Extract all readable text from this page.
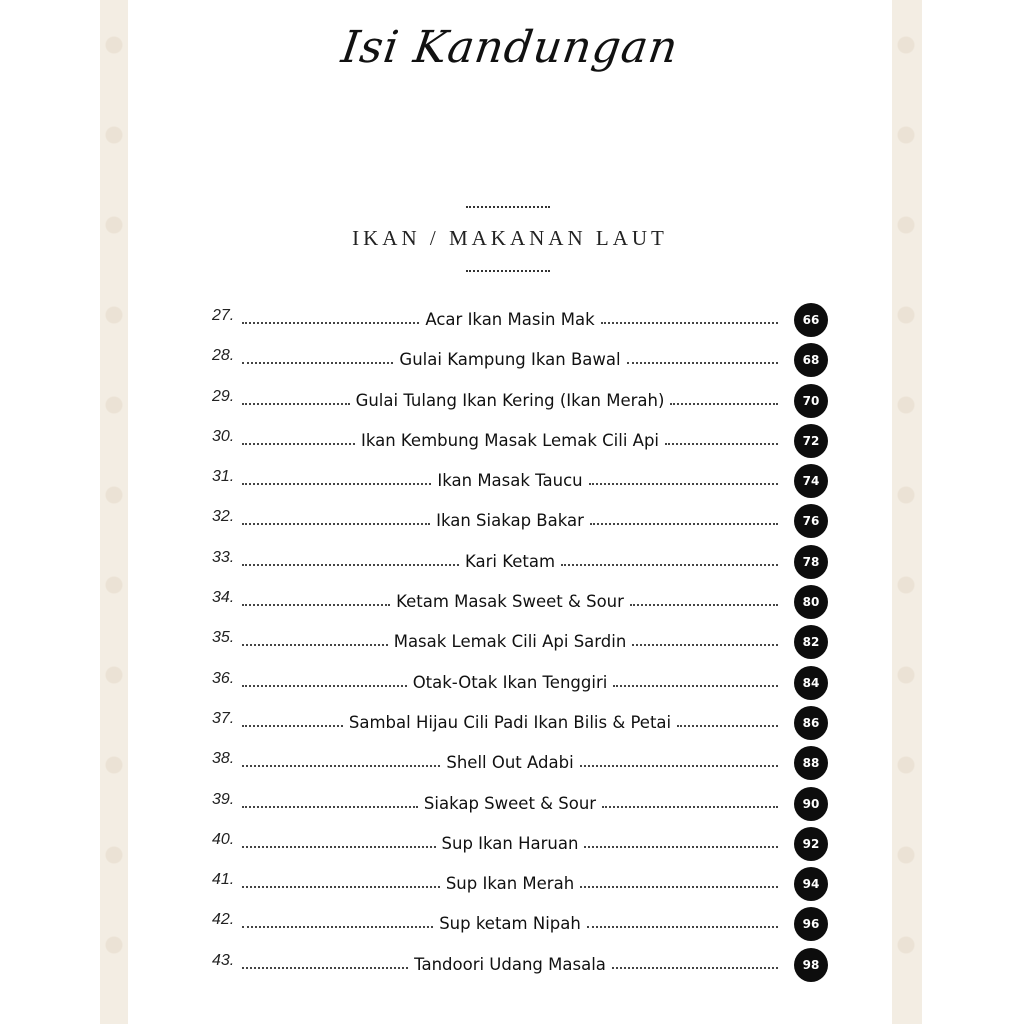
Isi Kandungan
IKAN / MAKANAN LAUT
27.	Acar Ikan Masin Mak	66
28.	Gulai Kampung Ikan Bawal	68
29.	Gulai Tulang Ikan Kering (Ikan Merah)	70
30.	Ikan Kembung Masak Lemak Cili Api	72
31.	Ikan Masak Taucu	74
32.	Ikan Siakap Bakar	76
33.	Kari Ketam	78
34.	Ketam Masak Sweet & Sour	80
35.	Masak Lemak Cili Api Sardin	82
36.	Otak-Otak Ikan Tenggiri	84
37.	Sambal Hijau Cili Padi Ikan Bilis & Petai	86
38.	Shell Out Adabi	88
39.	Siakap Sweet & Sour	90
40.	Sup Ikan Haruan	92
41.	Sup Ikan Merah	94
42.	Sup ketam Nipah	96
43.	Tandoori Udang Masala	98
